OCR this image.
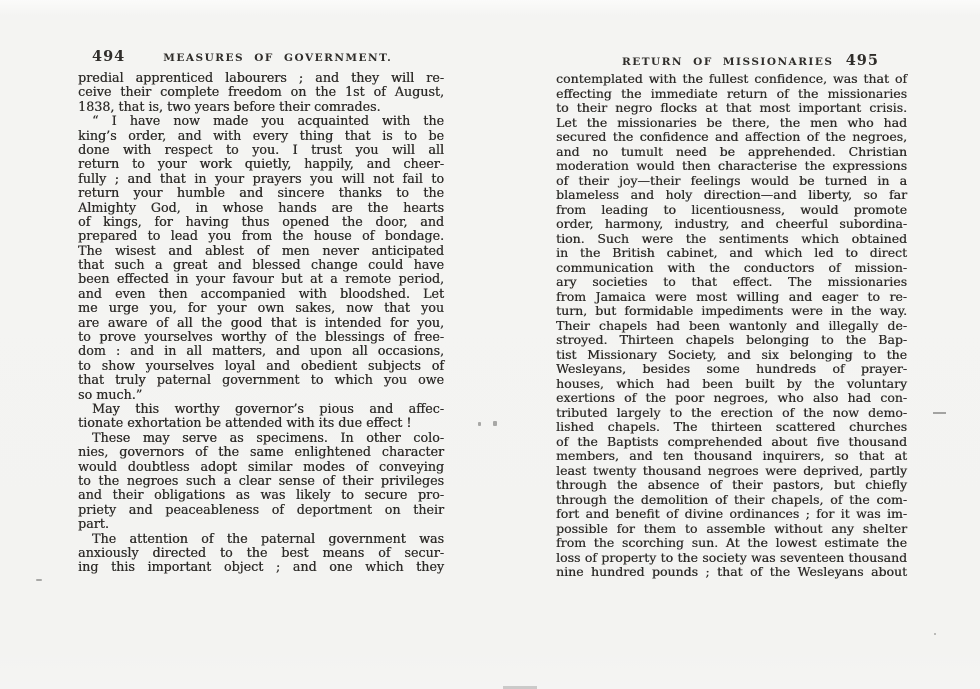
494	MEASURES OF GOVERNMENT.
predial apprenticed labourers ; and they will re-
ceive their complete freedom on the 1st of August,
1838, that is, two years before their comrades.
“ I have now made you acquainted with the
king’s order, and with every thing that is to be
done with respect to you. I trust you will all
return to your work quietly, happily, and cheer-
fully ; and that in your prayers you will not fail to
return your humble and sincere thanks to the
Almighty God, in whose hands are the hearts
of kings, for having thus opened the door, and
prepared to lead you from the house of bondage.
The wisest and ablest of men never anticipated
that such a great and blessed change could have
been effected in your favour but at a remote period,
and even then accompanied with bloodshed. Let
me urge you, for your own sakes, now that you
are aware of all the good that is intended for you,
to prove yourselves worthy of the blessings of free-
dom : and in all matters, and upon all occasions,
to show yourselves loyal and obedient subjects of
that truly paternal government to which you owe
so much.”
May this worthy governor’s pious and affec-
tionate exhortation be attended with its due effect !
These may serve as specimens. In other colo-
nies, governors of the same enlightened character
would doubtless adopt similar modes of conveying
to the negroes such a clear sense of their privileges
and their obligations as was likely to secure pro-
priety and peaceableness of deportment on their
part.
The attention of the paternal government was
anxiously directed to the best means of secur-
ing this important object ; and one which they
RETURN OF MISSIONARIES 495
contemplated with the fullest confidence, was that of
effecting the immediate return of the missionaries
to their negro flocks at that most important crisis.
Let the missionaries be there, the men who had
secured the confidence and affection of the negroes,
and no tumult need be apprehended. Christian
moderation would then characterise the expressions
of their joy—their feelings would be turned in a
blameless and holy direction—and liberty, so far
from leading to licentiousness, would promote
order, harmony, industry, and cheerful subordina-
tion. Such were the sentiments which obtained
in the British cabinet, and which led to direct
communication with the conductors of mission-
ary societies to that effect. The missionaries
from Jamaica were most willing and eager to re-
turn, but formidable impediments were in the way.
Their chapels had been wantonly and illegally de-
stroyed. Thirteen chapels belonging to the Bap-
tist Missionary Society, and six belonging to the
Wesleyans, besides some hundreds of prayer-
houses, which had been built by the voluntary
exertions of the poor negroes, who also had con-
tributed largely to the erection of the now demo-
lished chapels. The thirteen scattered churches
of the Baptists comprehended about five thousand
members, and ten thousand inquirers, so that at
least twenty thousand negroes were deprived, partly
through the absence of their pastors, but chiefly
through the demolition of their chapels, of the com-
fort and benefit of divine ordinances ; for it was im-
possible for them to assemble without any shelter
from the scorching sun. At the lowest estimate the
loss of property to the society was seventeen thousand
nine hundred pounds ; that of the Wesleyans about
